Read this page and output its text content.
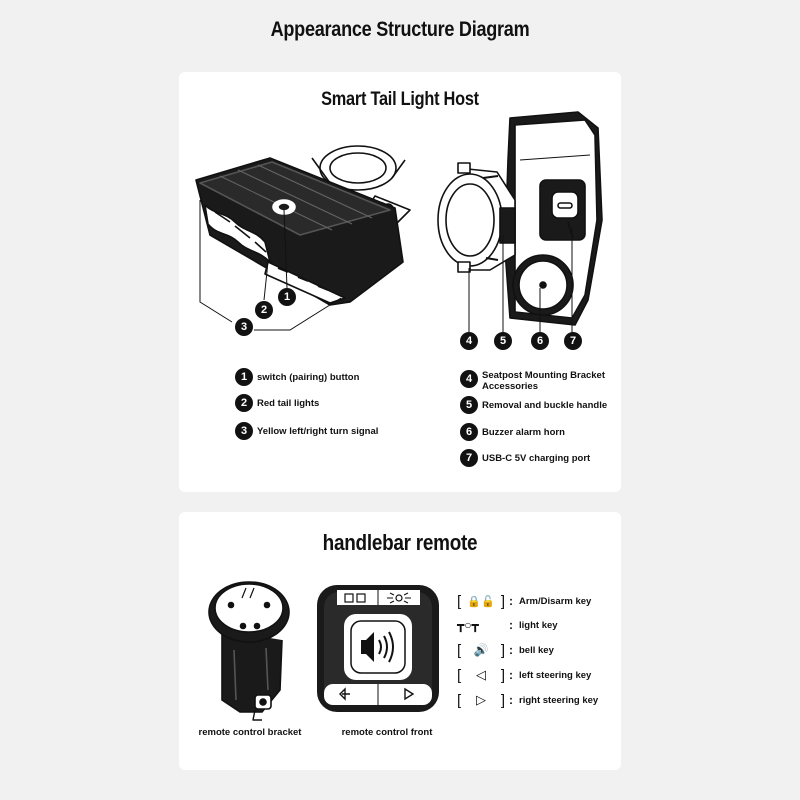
Appearance Structure Diagram
Smart Tail Light Host
1
2
3
4	5	6	7
1	switch (pairing) button
2	Red tail lights
3	Yellow left/right turn signal
4	Seatpost Mounting Bracket Accessories
5	Removal and buckle handle
6	Buzzer alarm horn
7	USB-C 5V charging port
handlebar remote
remote control bracket	remote control front
[ 🔒🔓 ] : Arm/Disarm key
┳○┳	: light key
[ 🔊 ] : bell key
[ ◁ ] : left steering key
[ ▷ ] : right steering key
